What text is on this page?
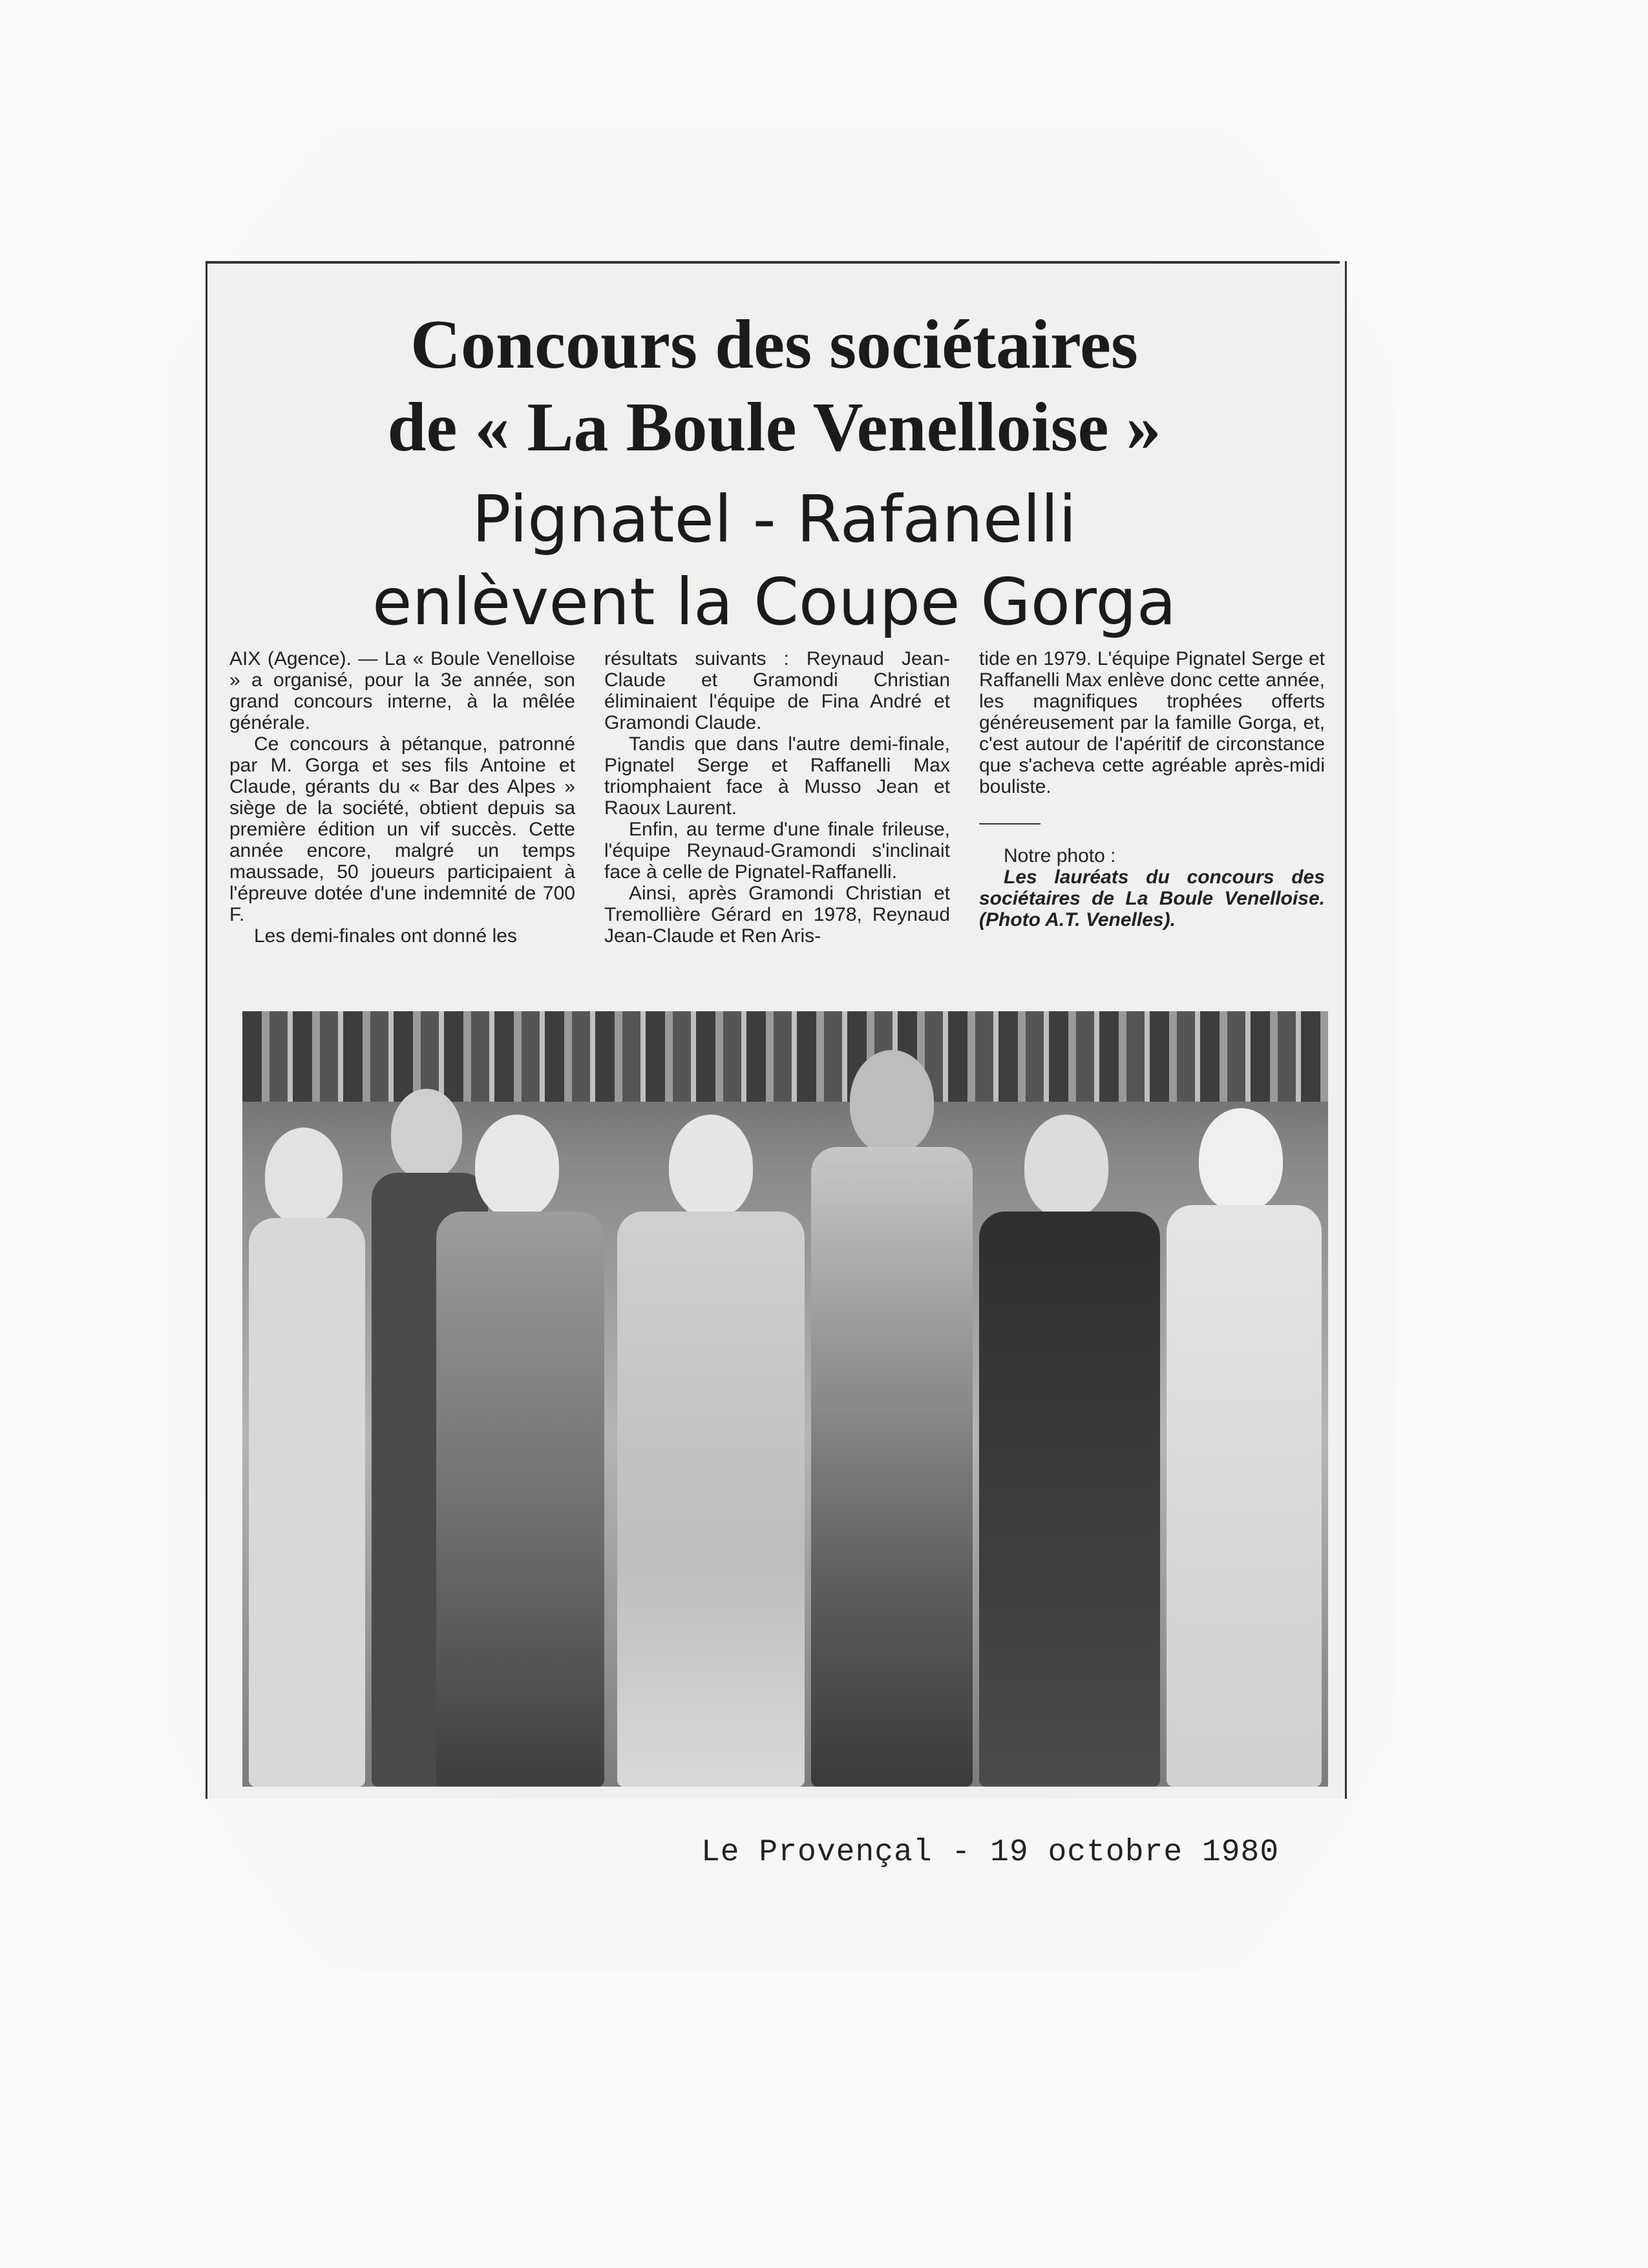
Concours des sociétaires
de « La Boule Venelloise »
Pignatel - Rafanelli
enlèvent la Coupe Gorga

AIX (Agence). — La « Boule Venelloise » a organisé, pour la 3e année, son grand concours interne, à la mêlée générale.

Ce concours à pétanque, patronné par M. Gorga et ses fils Antoine et Claude, gérants du « Bar des Alpes » siège de la société, obtient depuis sa première édition un vif succès. Cette année encore, malgré un temps maussade, 50 joueurs participaient à l'épreuve dotée d'une indemnité de 700 F.

Les demi-finales ont donné les

résultats suivants : Reynaud Jean-Claude et Gramondi Christian éliminaient l'équipe de Fina André et Gramondi Claude.

Tandis que dans l'autre demi-finale, Pignatel Serge et Raffanelli Max triomphaient face à Musso Jean et Raoux Laurent.

Enfin, au terme d'une finale frileuse, l'équipe Reynaud-Gramondi s'inclinait face à celle de Pignatel-Raffanelli.

Ainsi, après Gramondi Christian et Tremollière Gérard en 1978, Reynaud Jean-Claude et Ren Aris-

tide en 1979. L'équipe Pignatel Serge et Raffanelli Max enlève donc cette année, les magnifiques trophées offerts généreusement par la famille Gorga, et, c'est autour de l'apéritif de circonstance que s'acheva cette agréable après-midi bouliste.

Notre photo :

Les lauréats du concours des sociétaires de La Boule Venelloise. (Photo A.T. Venelles).

Le Provençal - 19 octobre 1980
